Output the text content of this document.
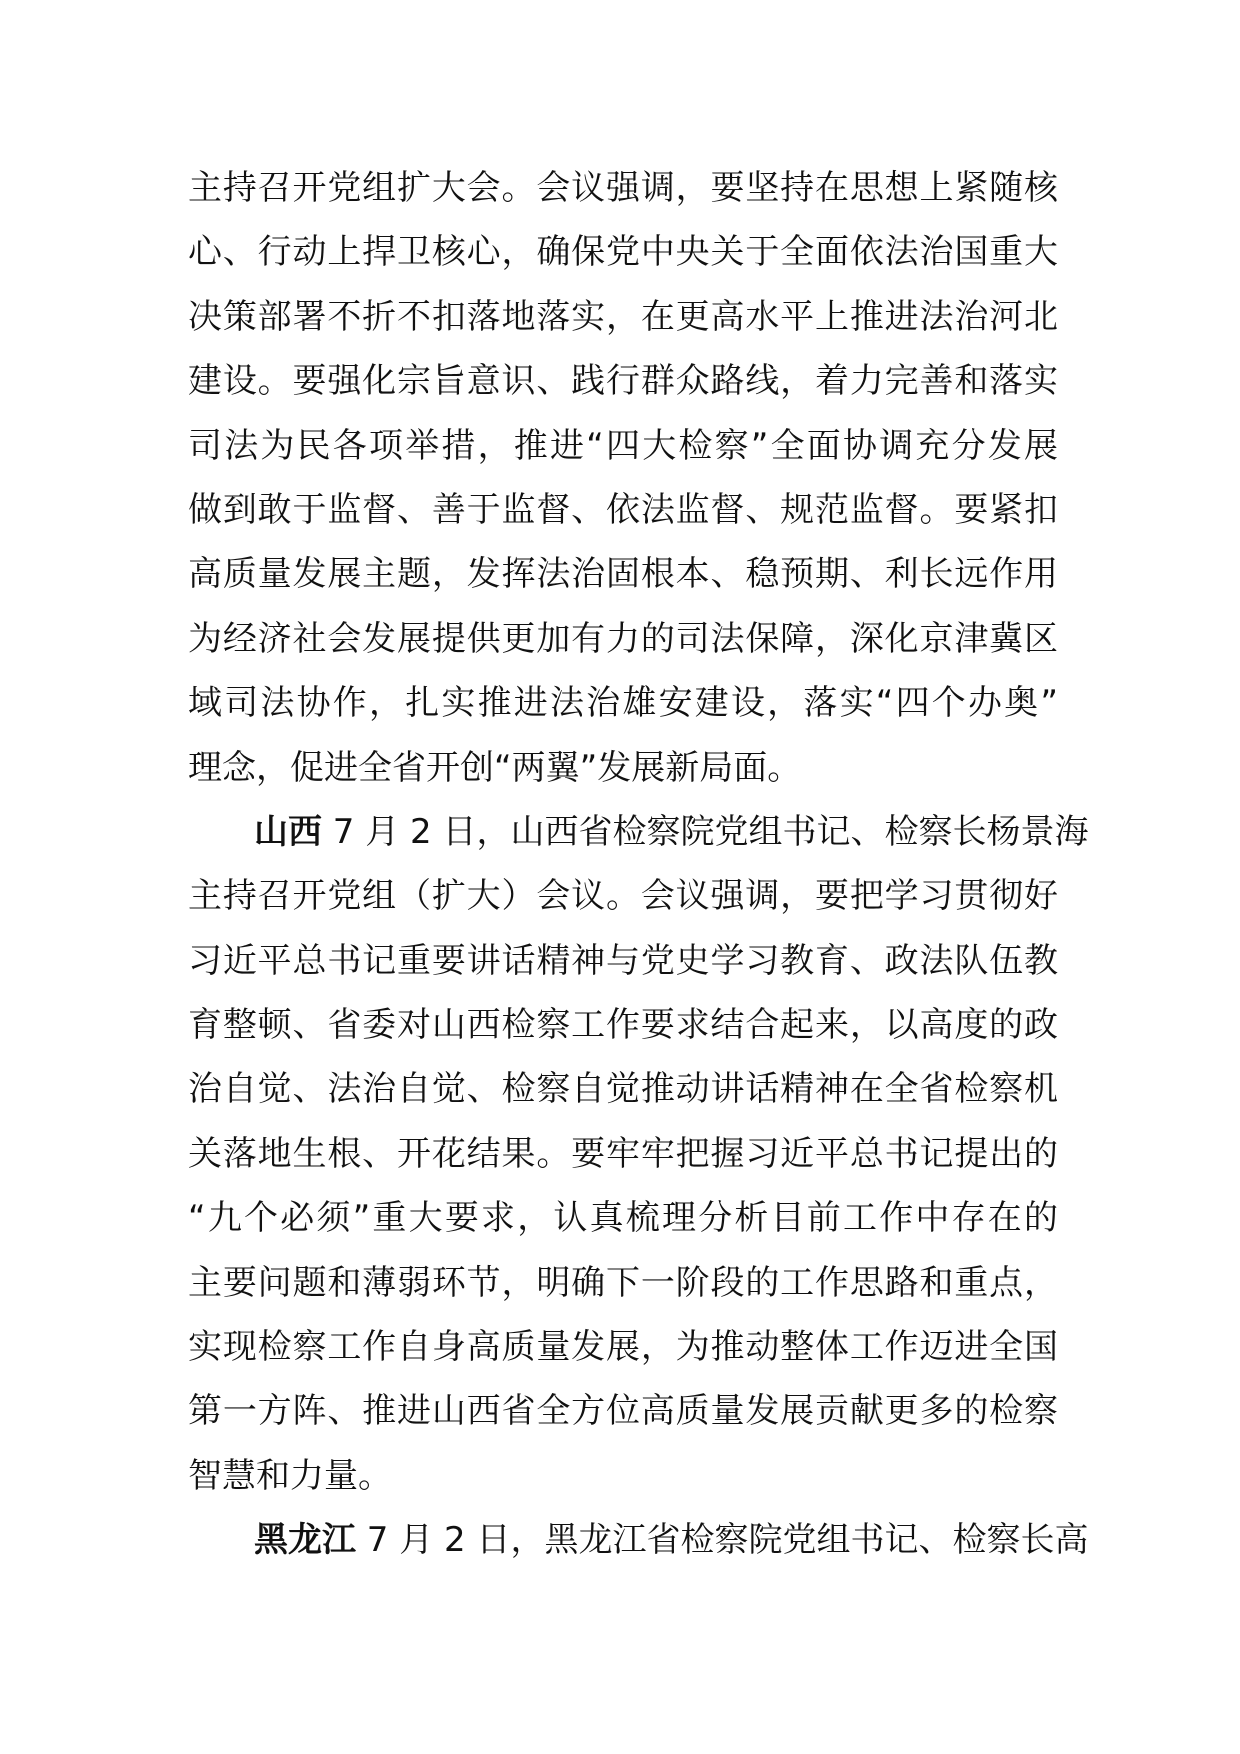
主持召开党组扩大会。会议强调，要坚持在思想上紧随核
心、行动上捍卫核心，确保党中央关于全面依法治国重大
决策部署不折不扣落地落实，在更高水平上推进法治河北
建设。要强化宗旨意识、践行群众路线，着力完善和落实
司法为民各项举措，推进“四大检察”全面协调充分发展
做到敢于监督、善于监督、依法监督、规范监督。要紧扣
高质量发展主题，发挥法治固根本、稳预期、利长远作用
为经济社会发展提供更加有力的司法保障，深化京津冀区
域司法协作，扎实推进法治雄安建设，落实“四个办奥”
理念，促进全省开创“两翼”发展新局面。
山西 7 月 2 日，山西省检察院党组书记、检察长杨景海
主持召开党组（扩大）会议。会议强调，要把学习贯彻好
习近平总书记重要讲话精神与党史学习教育、政法队伍教
育整顿、省委对山西检察工作要求结合起来，以高度的政
治自觉、法治自觉、检察自觉推动讲话精神在全省检察机
关落地生根、开花结果。要牢牢把握习近平总书记提出的
“九个必须”重大要求，认真梳理分析目前工作中存在的
主要问题和薄弱环节，明确下一阶段的工作思路和重点，
实现检察工作自身高质量发展，为推动整体工作迈进全国
第一方阵、推进山西省全方位高质量发展贡献更多的检察
智慧和力量。
黑龙江 7 月 2 日，黑龙江省检察院党组书记、检察长高
